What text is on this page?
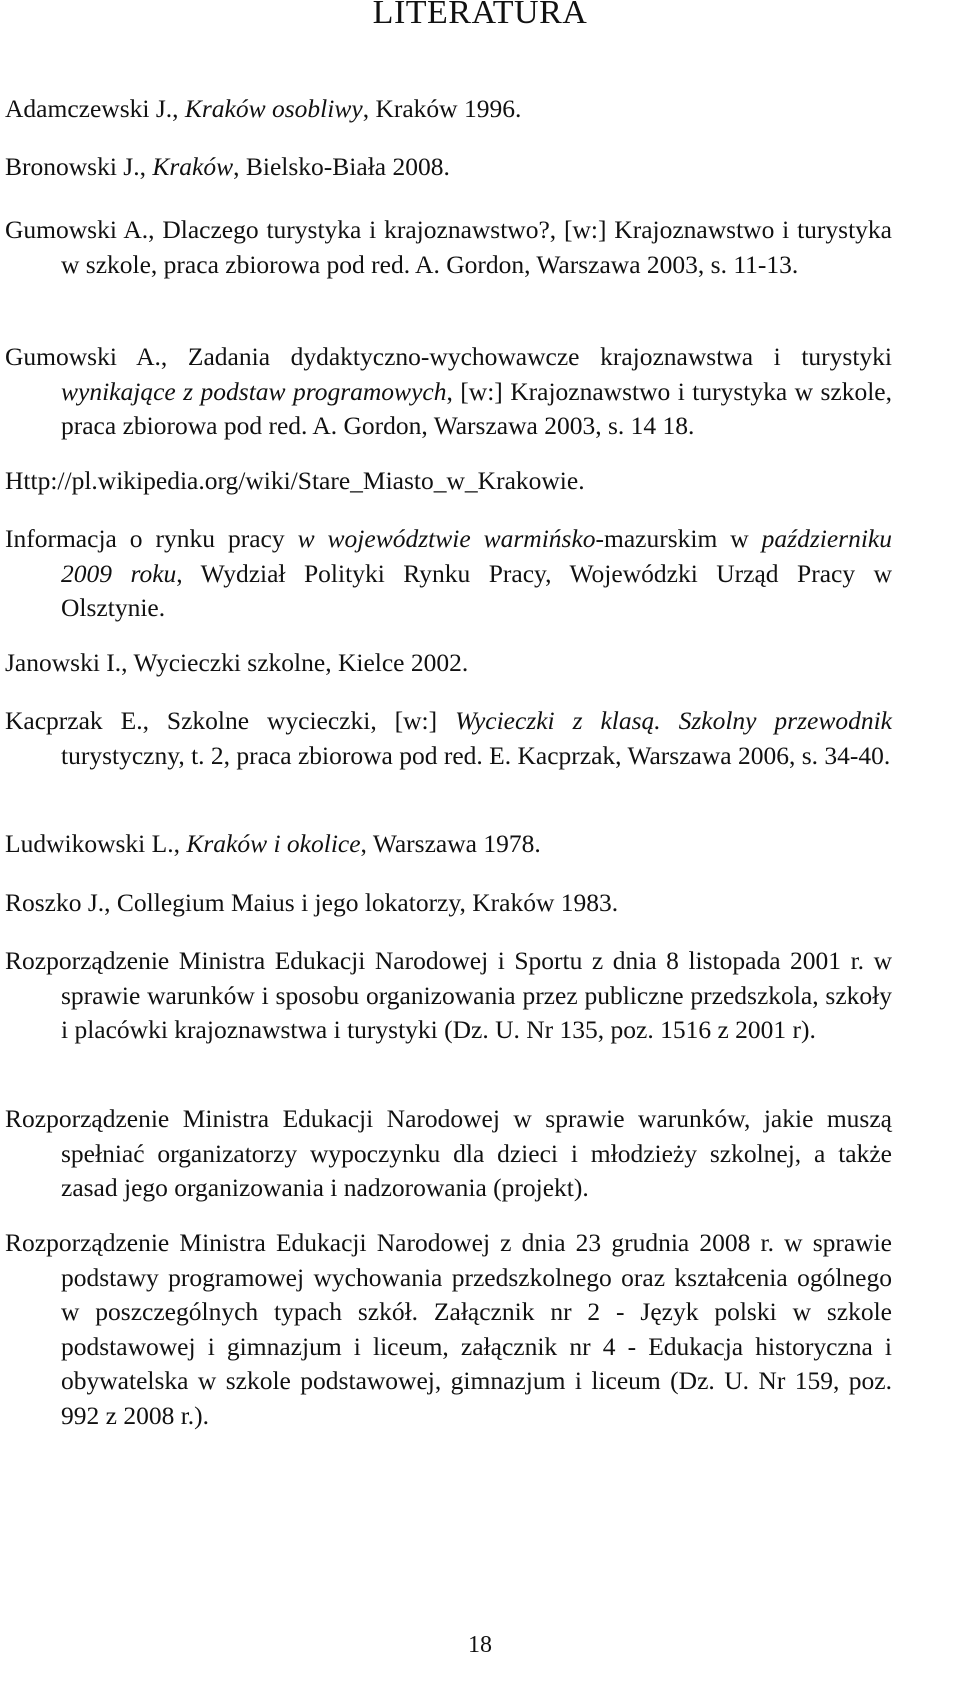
LITERATURA
Adamczewski J., Kraków osobliwy, Kraków 1996.
Bronowski J., Kraków, Bielsko-Biała 2008.
Gumowski A., Dlaczego turystyka i krajoznawstwo?, [w:] Krajoznawstwo i turystyka w szkole, praca zbiorowa pod red. A. Gordon, Warszawa 2003, s. 11-13.
Gumowski A., Zadania dydaktyczno-wychowawcze krajoznawstwa i turystyki wynikające z podstaw programowych, [w:] Krajoznawstwo i turystyka w szkole, praca zbiorowa pod red. A. Gordon, Warszawa 2003, s. 14 18.
Http://pl.wikipedia.org/wiki/Stare_Miasto_w_Krakowie.
Informacja o rynku pracy w województwie warmińsko-mazurskim w październiku 2009 roku, Wydział Polityki Rynku Pracy, Wojewódzki Urząd Pracy w Olsztynie.
Janowski I., Wycieczki szkolne, Kielce 2002.
Kacprzak E., Szkolne wycieczki, [w:] Wycieczki z klasą. Szkolny przewodnik turystyczny, t. 2, praca zbiorowa pod red. E. Kacprzak, Warszawa 2006, s. 34-40.
Ludwikowski L., Kraków i okolice, Warszawa 1978.
Roszko J., Collegium Maius i jego lokatorzy, Kraków 1983.
Rozporządzenie Ministra Edukacji Narodowej i Sportu z dnia 8 listopada 2001 r. w sprawie warunków i sposobu organizowania przez publiczne przedszkola, szkoły i placówki krajoznawstwa i turystyki (Dz. U. Nr 135, poz. 1516 z 2001 r).
Rozporządzenie Ministra Edukacji Narodowej w sprawie warunków, jakie muszą spełniać organizatorzy wypoczynku dla dzieci i młodzieży szkolnej, a także zasad jego organizowania i nadzorowania (projekt).
Rozporządzenie Ministra Edukacji Narodowej z dnia 23 grudnia 2008 r. w sprawie podstawy programowej wychowania przedszkolnego oraz kształcenia ogólnego w poszczególnych typach szkół. Załącznik nr 2 - Język polski w szkole podstawowej i gimnazjum i liceum, załącznik nr 4 - Edukacja historyczna i obywatelska w szkole podstawowej, gimnazjum i liceum (Dz. U. Nr 159, poz. 992 z 2008 r.).
18
